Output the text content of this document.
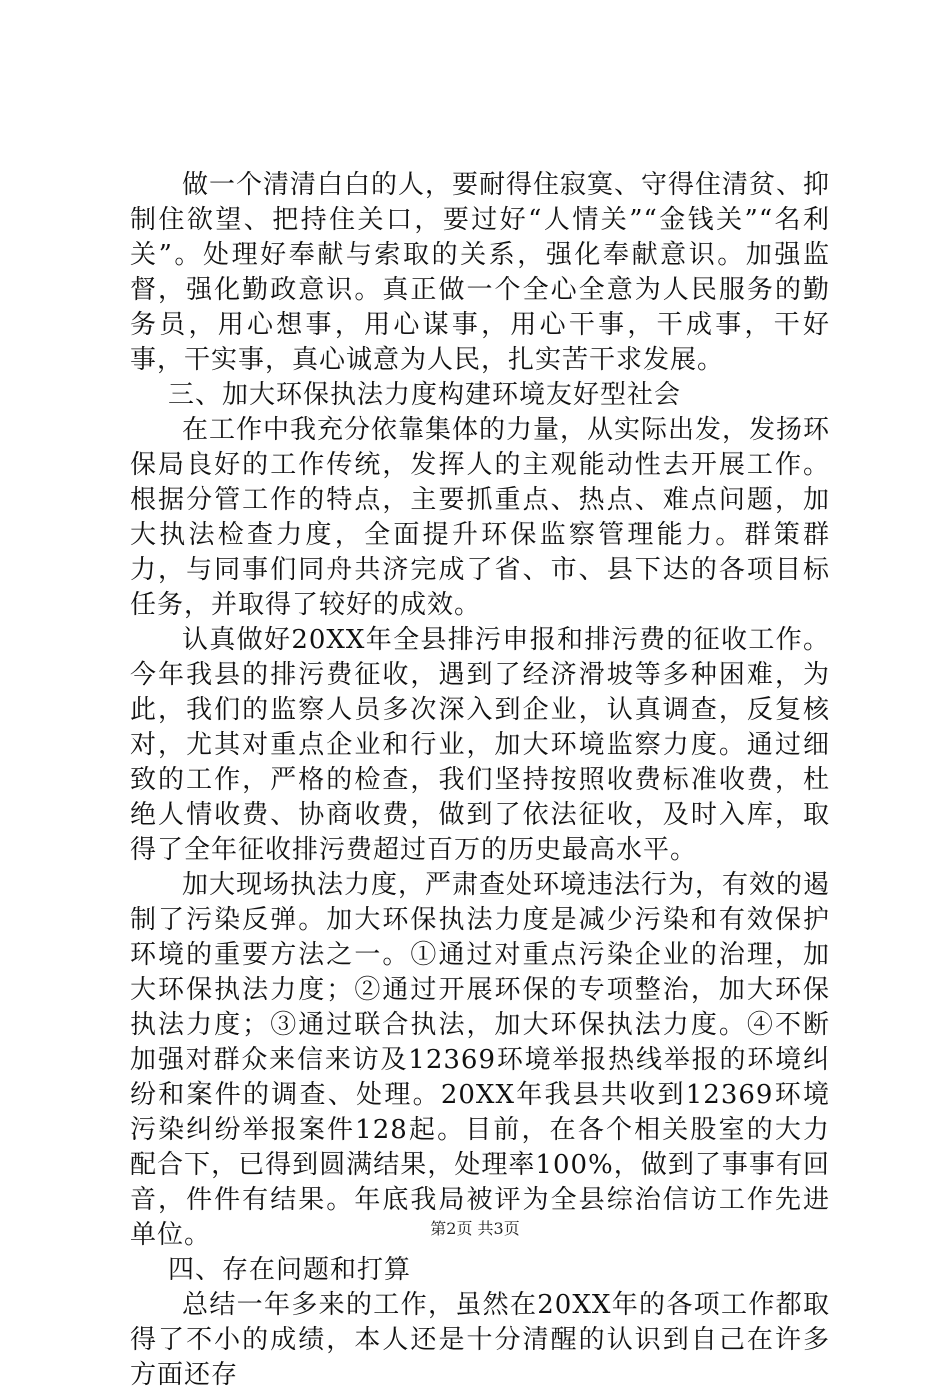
做一个清清白白的人，要耐得住寂寞、守得住清贫、抑制住欲望、把持住关口，要过好“人情关”“金钱关”“名利关”。处理好奉献与索取的关系，强化奉献意识。加强监督，强化勤政意识。真正做一个全心全意为人民服务的勤务员，用心想事，用心谋事，用心干事，干成事，干好事，干实事，真心诚意为人民，扎实苦干求发展。

三、加大环保执法力度构建环境友好型社会

在工作中我充分依靠集体的力量，从实际出发，发扬环保局良好的工作传统，发挥人的主观能动性去开展工作。根据分管工作的特点，主要抓重点、热点、难点问题，加大执法检查力度，全面提升环保监察管理能力。群策群力，与同事们同舟共济完成了省、市、县下达的各项目标任务，并取得了较好的成效。

认真做好20XX年全县排污申报和排污费的征收工作。今年我县的排污费征收，遇到了经济滑坡等多种困难，为此，我们的监察人员多次深入到企业，认真调查，反复核对，尤其对重点企业和行业，加大环境监察力度。通过细致的工作，严格的检查，我们坚持按照收费标准收费，杜绝人情收费、协商收费，做到了依法征收，及时入库，取得了全年征收排污费超过百万的历史最高水平。

加大现场执法力度，严肃查处环境违法行为，有效的遏制了污染反弹。加大环保执法力度是减少污染和有效保护环境的重要方法之一。①通过对重点污染企业的治理，加大环保执法力度；②通过开展环保的专项整治，加大环保执法力度；③通过联合执法，加大环保执法力度。④不断加强对群众来信来访及12369环境举报热线举报的环境纠纷和案件的调查、处理。20XX年我县共收到12369环境污染纠纷举报案件128起。目前，在各个相关股室的大力配合下，已得到圆满结果，处理率100%，做到了事事有回音，件件有结果。年底我局被评为全县综治信访工作先进单位。

四、存在问题和打算

总结一年多来的工作，虽然在20XX年的各项工作都取得了不小的成绩，本人还是十分清醒的认识到自己在许多方面还存

第2页 共3页
